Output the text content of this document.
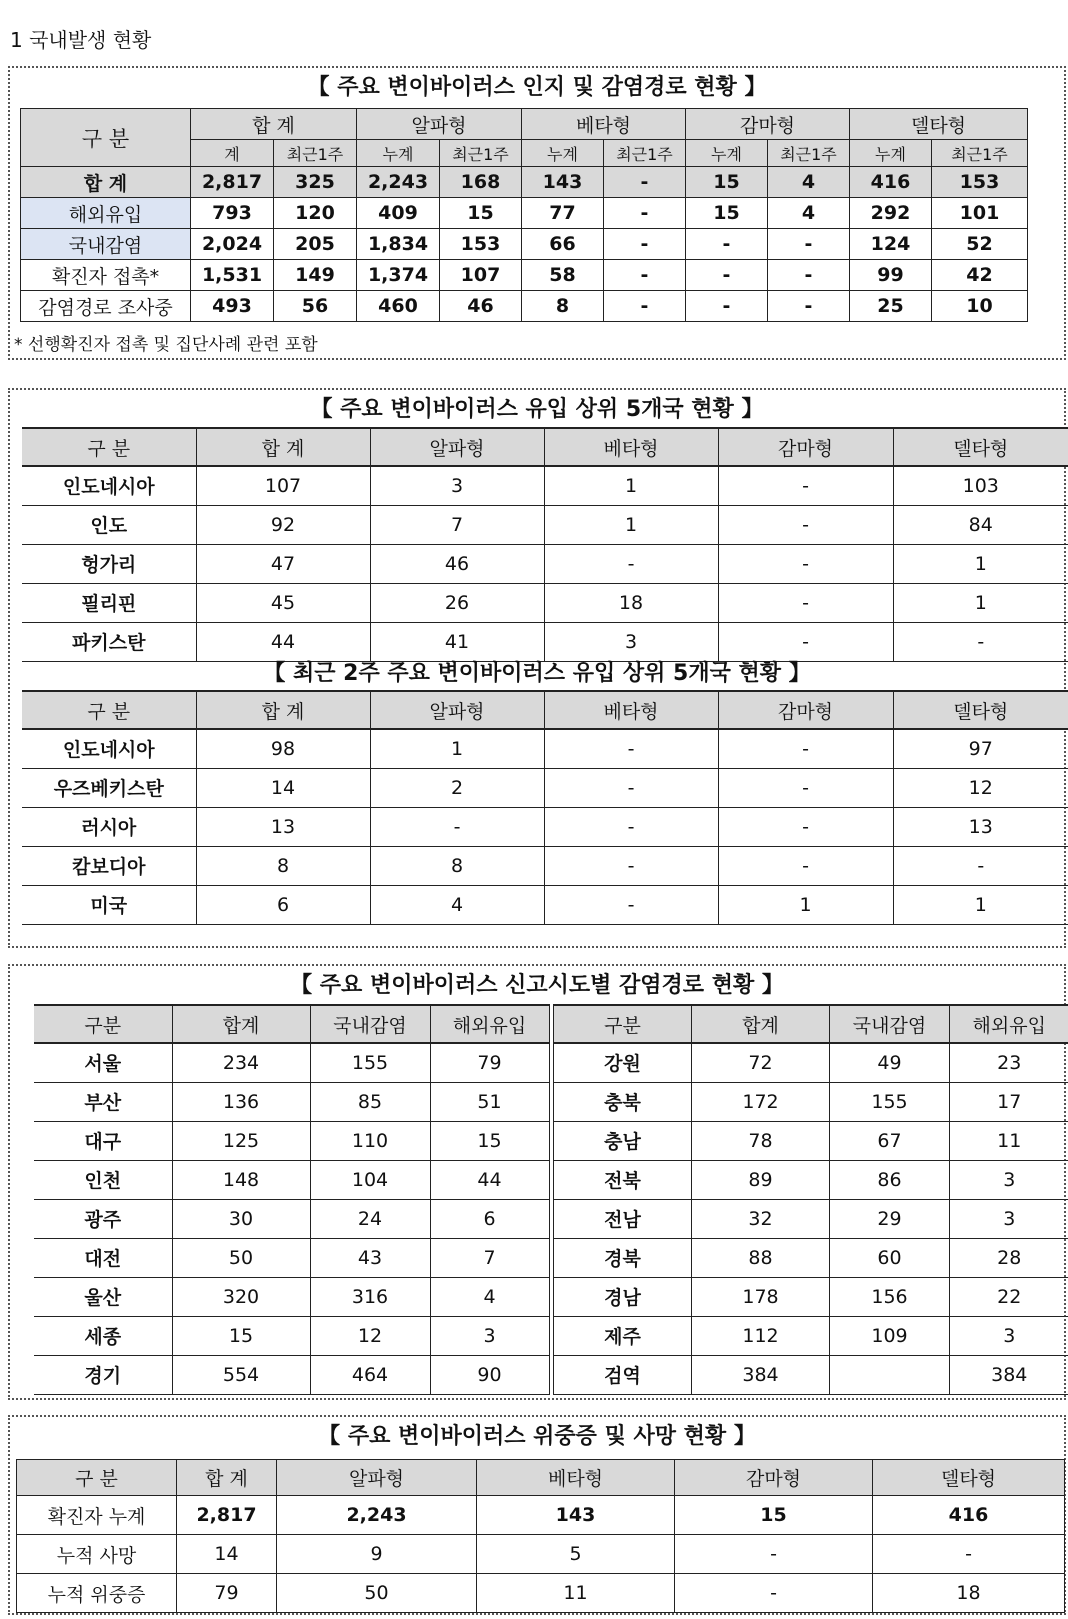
1 국내발생 현황
【 주요 변이바이러스 인지 및 감염경로 현황 】
구 분	합 계		알파형		베타형		감마형		델타형	
	계	최근1주	누계	최근1주	누계	최근1주	누계	최근1주	누계	최근1주
합 계	2,817	325	2,243	168	143	-	15	4	416	153
해외유입	793	120	409	15	77	-	15	4	292	101
국내감염	2,024	205	1,834	153	66	-	-	-	124	52
확진자 접촉*	1,531	149	1,374	107	58	-	-	-	99	42
감염경로 조사중	493	56	460	46	8	-	-	-	25	10
* 선행확진자 접촉 및 집단사례 관련 포함
【 주요 변이바이러스 유입 상위 5개국 현황 】
구 분	합 계	알파형	베타형	감마형	델타형
인도네시아	107	3	1	-	103
인도	92	7	1	-	84
헝가리	47	46	-	-	1
필리핀	45	26	18	-	1
파키스탄	44	41	3	-	-
【 최근 2주 주요 변이바이러스 유입 상위 5개국 현황 】
구 분	합 계	알파형	베타형	감마형	델타형
인도네시아	98	1	-	-	97
우즈베키스탄	14	2	-	-	12
러시아	13	-	-	-	13
캄보디아	8	8	-	-	-
미국	6	4	-	1	1
【 주요 변이바이러스 신고시도별 감염경로 현황 】
구분	합계	국내감염	해외유입
서울	234	155	79
부산	136	85	51
대구	125	110	15
인천	148	104	44
광주	30	24	6
대전	50	43	7
울산	320	316	4
세종	15	12	3
경기	554	464	90
구분	합계	국내감염	해외유입
강원	72	49	23
충북	172	155	17
충남	78	67	11
전북	89	86	3
전남	32	29	3
경북	88	60	28
경남	178	156	22
제주	112	109	3
검역	384		384
【 주요 변이바이러스 위중증 및 사망 현황 】
구 분	합 계	알파형	베타형	감마형	델타형
확진자 누계	2,817	2,243	143	15	416
누적 사망	14	9	5	-	-
누적 위중증	79	50	11	-	18
